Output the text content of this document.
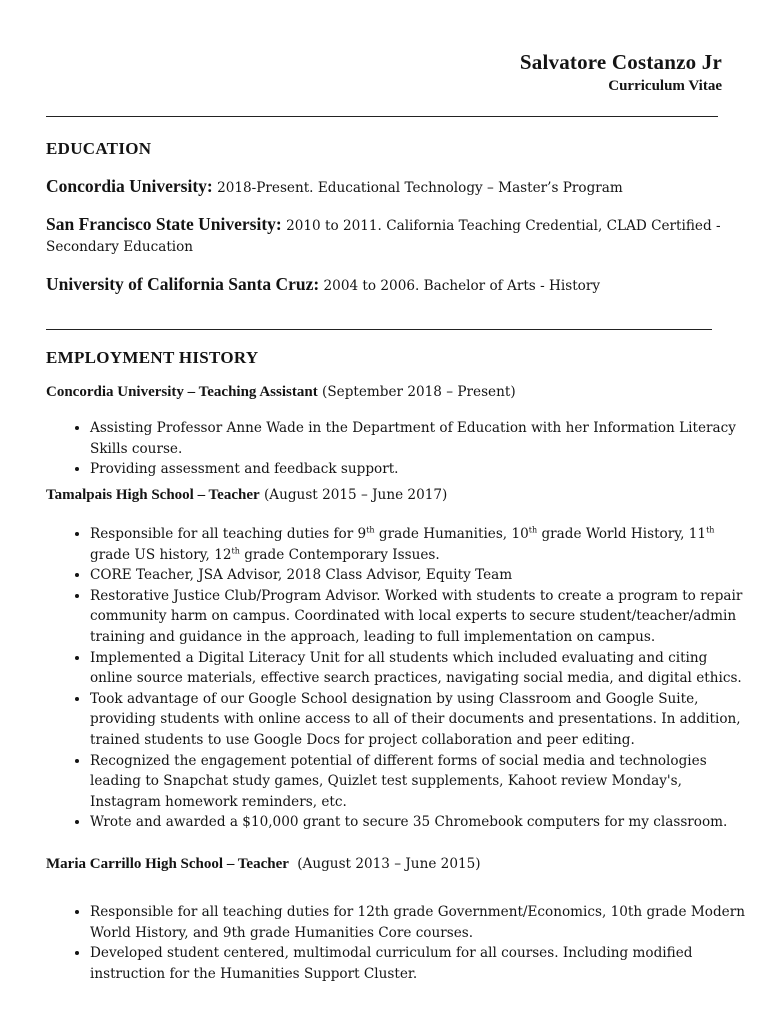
Salvatore Costanzo Jr
Curriculum Vitae
EDUCATION
Concordia University: 2018-Present. Educational Technology – Master’s Program
San Francisco State University: 2010 to 2011. California Teaching Credential, CLAD Certified - Secondary Education
University of California Santa Cruz: 2004 to 2006. Bachelor of Arts - History
EMPLOYMENT HISTORY
Concordia University – Teaching Assistant (September 2018 – Present)
• Assisting Professor Anne Wade in the Department of Education with her Information Literacy Skills course.
• Providing assessment and feedback support.
Tamalpais High School – Teacher (August 2015 – June 2017)
• Responsible for all teaching duties for 9th grade Humanities, 10th grade World History, 11th grade US history, 12th grade Contemporary Issues.
• CORE Teacher, JSA Advisor, 2018 Class Advisor, Equity Team
• Restorative Justice Club/Program Advisor. Worked with students to create a program to repair community harm on campus. Coordinated with local experts to secure student/teacher/admin training and guidance in the approach, leading to full implementation on campus.
• Implemented a Digital Literacy Unit for all students which included evaluating and citing online source materials, effective search practices, navigating social media, and digital ethics.
• Took advantage of our Google School designation by using Classroom and Google Suite, providing students with online access to all of their documents and presentations. In addition, trained students to use Google Docs for project collaboration and peer editing.
• Recognized the engagement potential of different forms of social media and technologies leading to Snapchat study games, Quizlet test supplements, Kahoot review Monday's, Instagram homework reminders, etc.
• Wrote and awarded a $10,000 grant to secure 35 Chromebook computers for my classroom.
Maria Carrillo High School – Teacher (August 2013 – June 2015)
• Responsible for all teaching duties for 12th grade Government/Economics, 10th grade Modern World History, and 9th grade Humanities Core courses.
• Developed student centered, multimodal curriculum for all courses. Including modified instruction for the Humanities Support Cluster.
